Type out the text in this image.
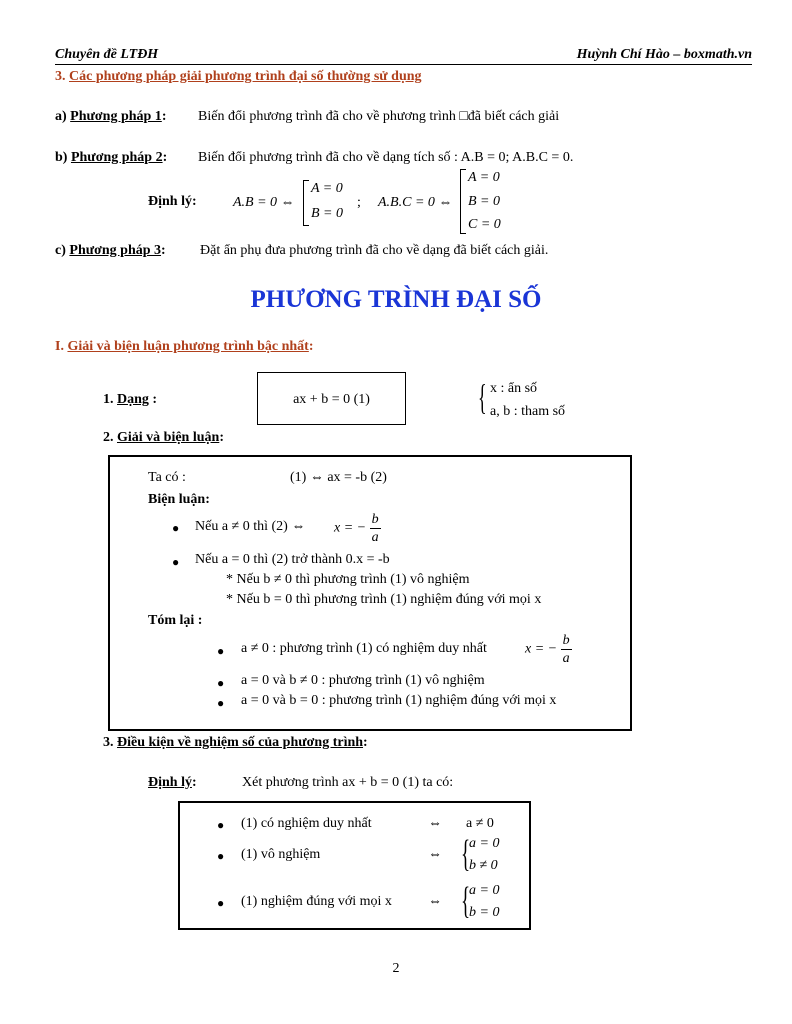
Chuyên đề LTĐH	Huỳnh Chí Hào – boxmath.vn
3. Các phương pháp giải phương trình đại số thường sử dụng
a) Phương pháp 1: Biến đổi phương trình đã cho về phương trình □đã biết cách giải
b) Phương pháp 2: Biến đổi phương trình đã cho về dạng tích số : A.B = 0; A.B.C = 0.
Định lý:	A.B = 0 ⇔
A = 0
B = 0
; A.B.C = 0 ⇔
A = 0
B = 0
C = 0
c) Phương pháp 3: Đặt ẩn phụ đưa phương trình đã cho về dạng đã biết cách giải.
PHƯƠNG TRÌNH ĐẠI SỐ
I. Giải và biện luận phương trình bậc nhất:
1. Dạng :	ax + b = 0 (1)	{ x : ẩn số
a, b : tham số
2. Giải và biện luận:
Ta có :	(1) ⇔ ax = -b (2)
Biện luận:
● Nếu a ≠ 0 thì (2) ⇔ x = − $\frac{b}{a}$
● Nếu a = 0 thì (2) trở thành 0.x = -b
* Nếu b ≠ 0 thì phương trình (1) vô nghiệm
* Nếu b = 0 thì phương trình (1) nghiệm đúng với mọi x
Tóm lại :
● a ≠ 0 : phương trình (1) có nghiệm duy nhất	x = − $\frac{b}{a}$
● a = 0 và b ≠ 0 : phương trình (1) vô nghiệm
● a = 0 và b = 0 : phương trình (1) nghiệm đúng với mọi x
3. Điều kiện về nghiệm số của phương trình:
Định lý:	Xét phương trình ax + b = 0 (1) ta có:
● (1) có nghiệm duy nhất	⇔ a ≠ 0
● (1) vô nghiệm	⇔ {
a = 0
b ≠ 0
● (1) nghiệm đúng với mọi x	⇔ {
a = 0
b = 0
2
